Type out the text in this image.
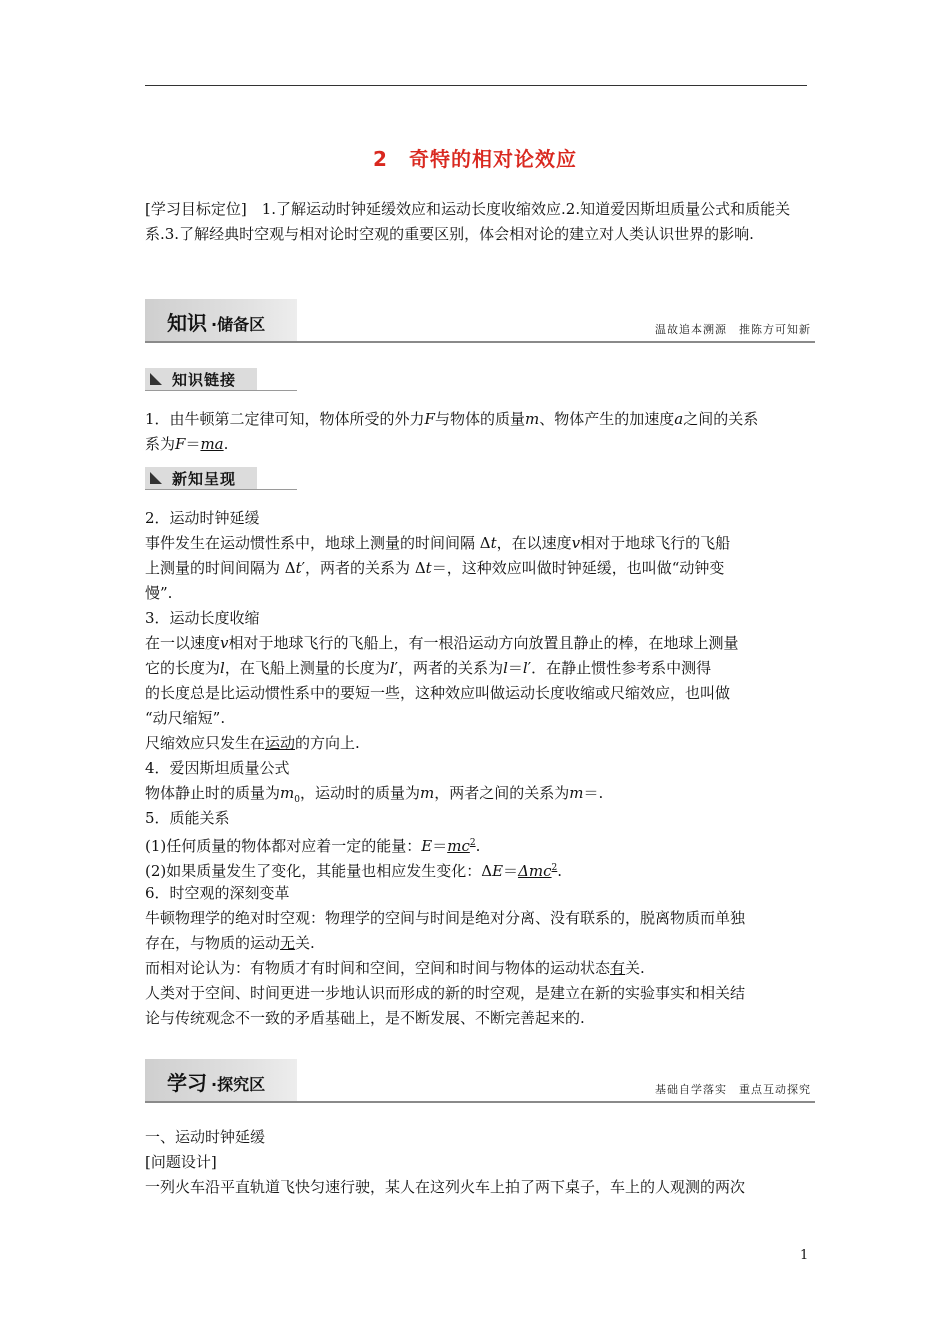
2　奇特的相对论效应
[学习目标定位]　1.了解运动时钟延缓效应和运动长度收缩效应.2.知道爱因斯坦质量公式和质能关系.3.了解经典时空观与相对论时空观的重要区别，体会相对论的建立对人类认识世界的影响.
知识 ·储备区	温故追本溯源　推陈方可知新
知识链接
1．由牛顿第二定律可知，物体所受的外力F与物体的质量m、物体产生的加速度a之间的关系
系为F＝ma.
新知呈现
2．运动时钟延缓
事件发生在运动惯性系中，地球上测量的时间间隔 Δt，在以速度v相对于地球飞行的飞船
上测量的时间间隔为 Δt′，两者的关系为 Δt＝，这种效应叫做时钟延缓，也叫做“动钟变
慢”.
3．运动长度收缩
在一以速度v相对于地球飞行的飞船上，有一根沿运动方向放置且静止的棒，在地球上测量
它的长度为l，在飞船上测量的长度为l′，两者的关系为l＝l′．在静止惯性参考系中测得
的长度总是比运动惯性系中的要短一些，这种效应叫做运动长度收缩或尺缩效应，也叫做
“动尺缩短”.
尺缩效应只发生在运动的方向上.
4．爱因斯坦质量公式
物体静止时的质量为$m_0$，运动时的质量为m，两者之间的关系为m＝.
5．质能关系
(1)任何质量的物体都对应着一定的能量：$E=mc^2$.
(2)如果质量发生了变化，其能量也相应发生变化：ΔE＝Δmc$^2$.
6．时空观的深刻变革
牛顿物理学的绝对时空观：物理学的空间与时间是绝对分离、没有联系的，脱离物质而单独
存在，与物质的运动无关.
而相对论认为：有物质才有时间和空间，空间和时间与物体的运动状态有关.
人类对于空间、时间更进一步地认识而形成的新的时空观，是建立在新的实验事实和相关结
论与传统观念不一致的矛盾基础上，是不断发展、不断完善起来的.
学习 ·探究区	基础自学落实　重点互动探究
一、运动时钟延缓
[问题设计]
一列火车沿平直轨道飞快匀速行驶，某人在这列火车上拍了两下桌子，车上的人观测的两次
1
